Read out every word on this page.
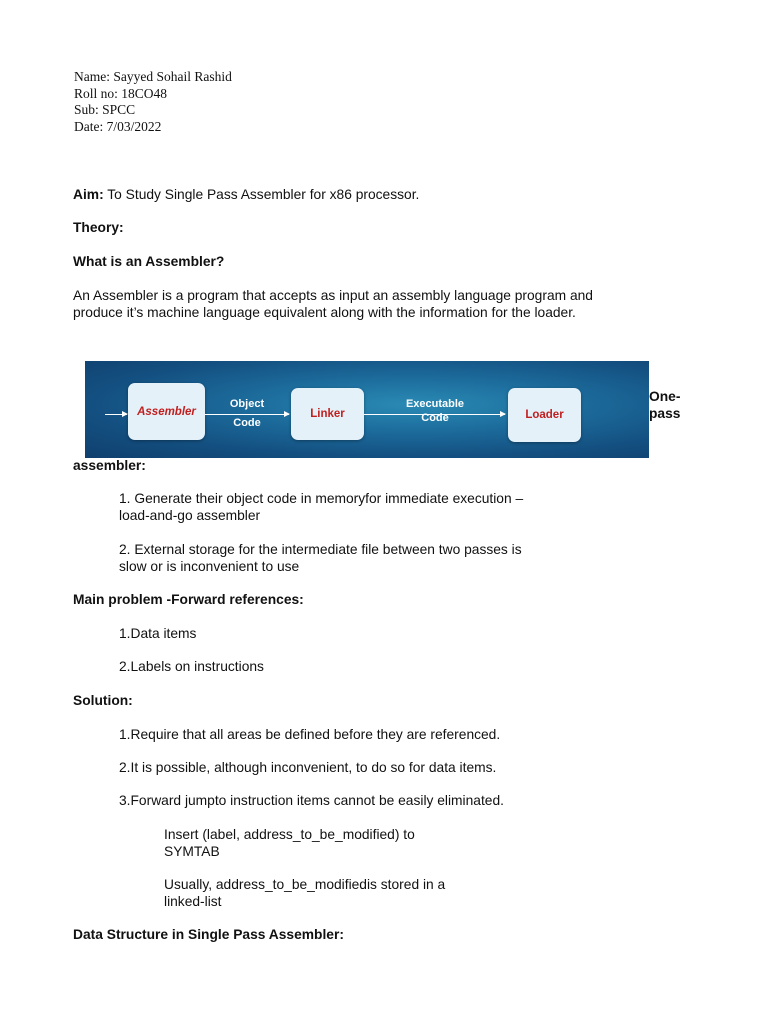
Name: Sayyed Sohail Rashid
Roll no: 18CO48
Sub: SPCC
Date: 7/03/2022
Aim: To Study Single Pass Assembler for x86 processor.
Theory:
What is an Assembler?
An Assembler is a program that accepts as input an assembly language program and
produce it’s machine language equivalent along with the information for the loader.
Assembler
Object
Code
Linker
Executable
Code	Loader
One-
pass
assembler:
1. Generate their object code in memoryfor immediate execution –
load-and-go assembler
2. External storage for the intermediate file between two passes is
slow or is inconvenient to use
Main problem -Forward references:
1.Data items
2.Labels on instructions
Solution:
1.Require that all areas be defined before they are referenced.
2.It is possible, although inconvenient, to do so for data items.
3.Forward jumpto instruction items cannot be easily eliminated.
Insert (label, address_to_be_modified) to
SYMTAB
Usually, address_to_be_modifiedis stored in a
linked-list
Data Structure in Single Pass Assembler:
